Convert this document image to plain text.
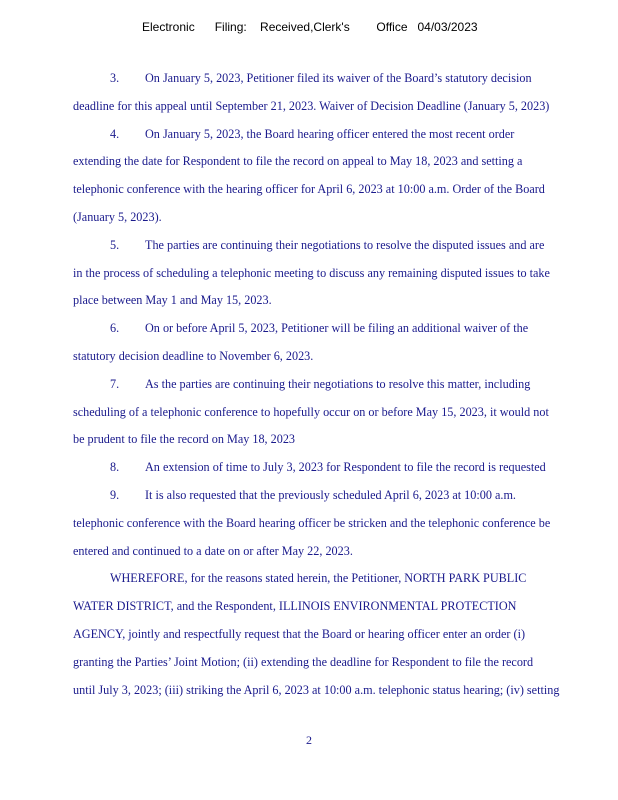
Electronic      Filing:    Received,Clerk's        Office   04/03/2023
3. On January 5, 2023, Petitioner filed its waiver of the Board’s statutory decision
deadline for this appeal until September 21, 2023. Waiver of Decision Deadline (January 5, 2023)
4. On January 5, 2023, the Board hearing officer entered the most recent order
extending the date for Respondent to file the record on appeal to May 18, 2023 and setting a
telephonic conference with the hearing officer for April 6, 2023 at 10:00 a.m. Order of the Board
(January 5, 2023).
5. The parties are continuing their negotiations to resolve the disputed issues and are
in the process of scheduling a telephonic meeting to discuss any remaining disputed issues to take
place between May 1 and May 15, 2023.
6. On or before April 5, 2023, Petitioner will be filing an additional waiver of the
statutory decision deadline to November 6, 2023.
7. As the parties are continuing their negotiations to resolve this matter, including
scheduling of a telephonic conference to hopefully occur on or before May 15, 2023, it would not
be prudent to file the record on May 18, 2023
8. An extension of time to July 3, 2023 for Respondent to file the record is requested
9. It is also requested that the previously scheduled April 6, 2023 at 10:00 a.m.
telephonic conference with the Board hearing officer be stricken and the telephonic conference be
entered and continued to a date on or after May 22, 2023.
WHEREFORE, for the reasons stated herein, the Petitioner, NORTH PARK PUBLIC
WATER DISTRICT, and the Respondent, ILLINOIS ENVIRONMENTAL PROTECTION
AGENCY, jointly and respectfully request that the Board or hearing officer enter an order (i)
granting the Parties’ Joint Motion; (ii) extending the deadline for Respondent to file the record
until July 3, 2023; (iii) striking the April 6, 2023 at 10:00 a.m. telephonic status hearing; (iv) setting
2
